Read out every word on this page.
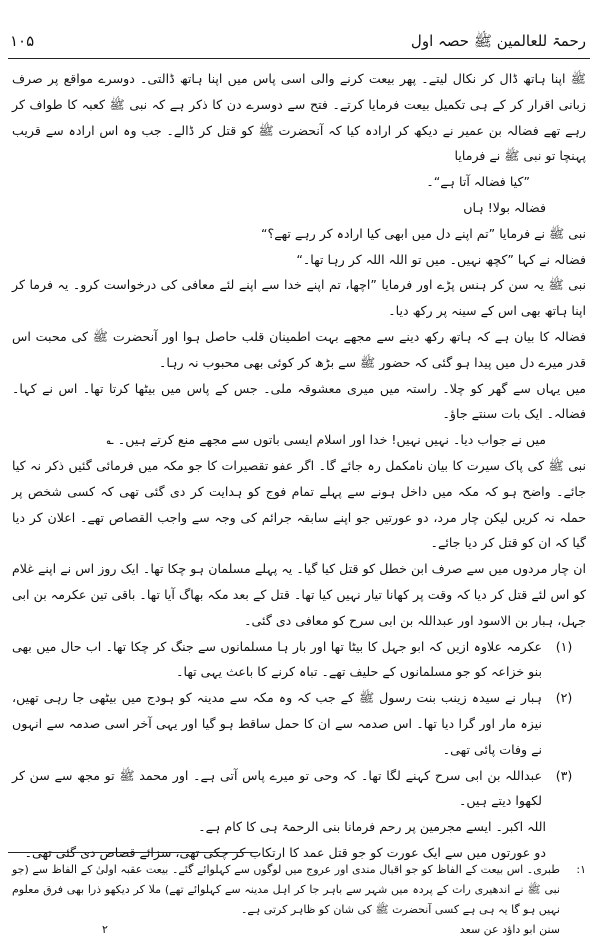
رحمۃ للعالمین ﷺ حصہ اول
۱۰۵

ﷺ اپنا ہاتھ ڈال کر نکال لیتے۔ پھر بیعت کرنے والی اسی پاس میں اپنا ہاتھ ڈالتی۔ دوسرے مواقع پر صرف زبانی اقرار کر کے ہی تکمیل بیعت فرمایا کرتے۔ فتح سے دوسرے دن کا ذکر ہے کہ نبی ﷺ کعبہ کا طواف کر رہے تھے فضالہ بن عمیر نے دیکھ کر ارادہ کیا کہ آنحضرت ﷺ کو قتل کر ڈالے۔ جب وہ اس ارادہ سے قریب پہنچا تو نبی ﷺ نے فرمایا

”کیا فضالہ آتا ہے“۔

فضالہ بولا! ہاں

نبی ﷺ نے فرمایا ”تم اپنے دل میں ابھی کیا ارادہ کر رہے تھے؟“

فضالہ نے کہا ”کچھ نہیں۔ میں تو اللہ اللہ کر رہا تھا۔“

نبی ﷺ یہ سن کر ہنس پڑے اور فرمایا ”اچھا، تم اپنے خدا سے اپنے لئے معافی کی درخواست کرو۔ یہ فرما کر اپنا ہاتھ بھی اس کے سینہ پر رکھ دیا۔

فضالہ کا بیان ہے کہ ہاتھ رکھ دینے سے مجھے بہت اطمینان قلب حاصل ہوا اور آنحضرت ﷺ کی محبت اس قدر میرے دل میں پیدا ہو گئی کہ حضور ﷺ سے بڑھ کر کوئی بھی محبوب نہ رہا۔

میں یہاں سے گھر کو چلا۔ راستہ میں میری معشوقہ ملی۔ جس کے پاس میں بیٹھا کرتا تھا۔ اس نے کہا۔ فضالہ۔ ایک بات سنتے جاؤ۔

میں نے جواب دیا۔ نہیں نہیں! خدا اور اسلام ایسی باتوں سے مجھے منع کرتے ہیں۔ ؎

نبی ﷺ کی پاک سیرت کا بیان نامکمل رہ جائے گا۔ اگر عفو تقصیرات کا جو مکہ میں فرمائی گئیں ذکر نہ کیا جائے۔ واضح ہو کہ مکہ میں داخل ہونے سے پہلے تمام فوج کو ہدایت کر دی گئی تھی کہ کسی شخص پر حملہ نہ کریں لیکن چار مرد، دو عورتیں جو اپنے سابقہ جرائم کی وجہ سے واجب القصاص تھے۔ اعلان کر دیا گیا کہ ان کو قتل کر دیا جائے۔

ان چار مردوں میں سے صرف ابن خطل کو قتل کیا گیا۔ یہ پہلے مسلمان ہو چکا تھا۔ ایک روز اس نے اپنے غلام کو اس لئے قتل کر دیا کہ وقت پر کھانا تیار نہیں کیا تھا۔ قتل کے بعد مکہ بھاگ آیا تھا۔ باقی تین عکرمہ بن ابی جہل، ہبار بن الاسود اور عبداللہ بن ابی سرح کو معافی دی گئی۔

(۱)
عکرمہ علاوہ ازیں کہ ابو جہل کا بیٹا تھا اور بار ہا مسلمانوں سے جنگ کر چکا تھا۔ اب حال میں بھی بنو خزاعہ کو جو مسلمانوں کے حلیف تھے۔ تباہ کرنے کا باعث یہی تھا۔
(۲)
ہبار نے سیدہ زینب بنت رسول ﷺ کے جب کہ وہ مکہ سے مدینہ کو ہودج میں بیٹھی جا رہی تھیں، نیزہ مار اور گرا دیا تھا۔ اس صدمہ سے ان کا حمل ساقط ہو گیا اور یہی آخر اسی صدمہ سے انہوں نے وفات پائی تھی۔
(۳)
عبداللہ بن ابی سرح کہنے لگا تھا۔ کہ وحی تو میرے پاس آتی ہے۔ اور محمد ﷺ تو مجھ سے سن کر لکھوا دیتے ہیں۔

اللہ اکبر۔ ایسے مجرمین پر رحم فرمانا بنی الرحمۃ ہی کا کام ہے۔

دو عورتوں میں سے ایک عورت کو جو قتل عمد کا ارتکاب کر چکی تھی، سزائے قصاص دی گئی تھی۔

۱:
طبری۔ اس بیعت کے الفاظ کو جو اقبال مندی اور عروج میں لوگوں سے کہلوائے گئے۔ بیعت عقبہ اولیٰ کے الفاظ سے (جو نبی ﷺ نے اندھیری رات کے پردہ میں شہر سے باہر جا کر اہل مدینہ سے کہلوائے تھے) ملا کر دیکھو ذرا بھی فرق معلوم نہیں ہو گا یہ ہی ہے کسی آنحضرت ﷺ کی شان کو ظاہر کرتی ہے۔
سنن ابو داؤد عن سعد
۲
